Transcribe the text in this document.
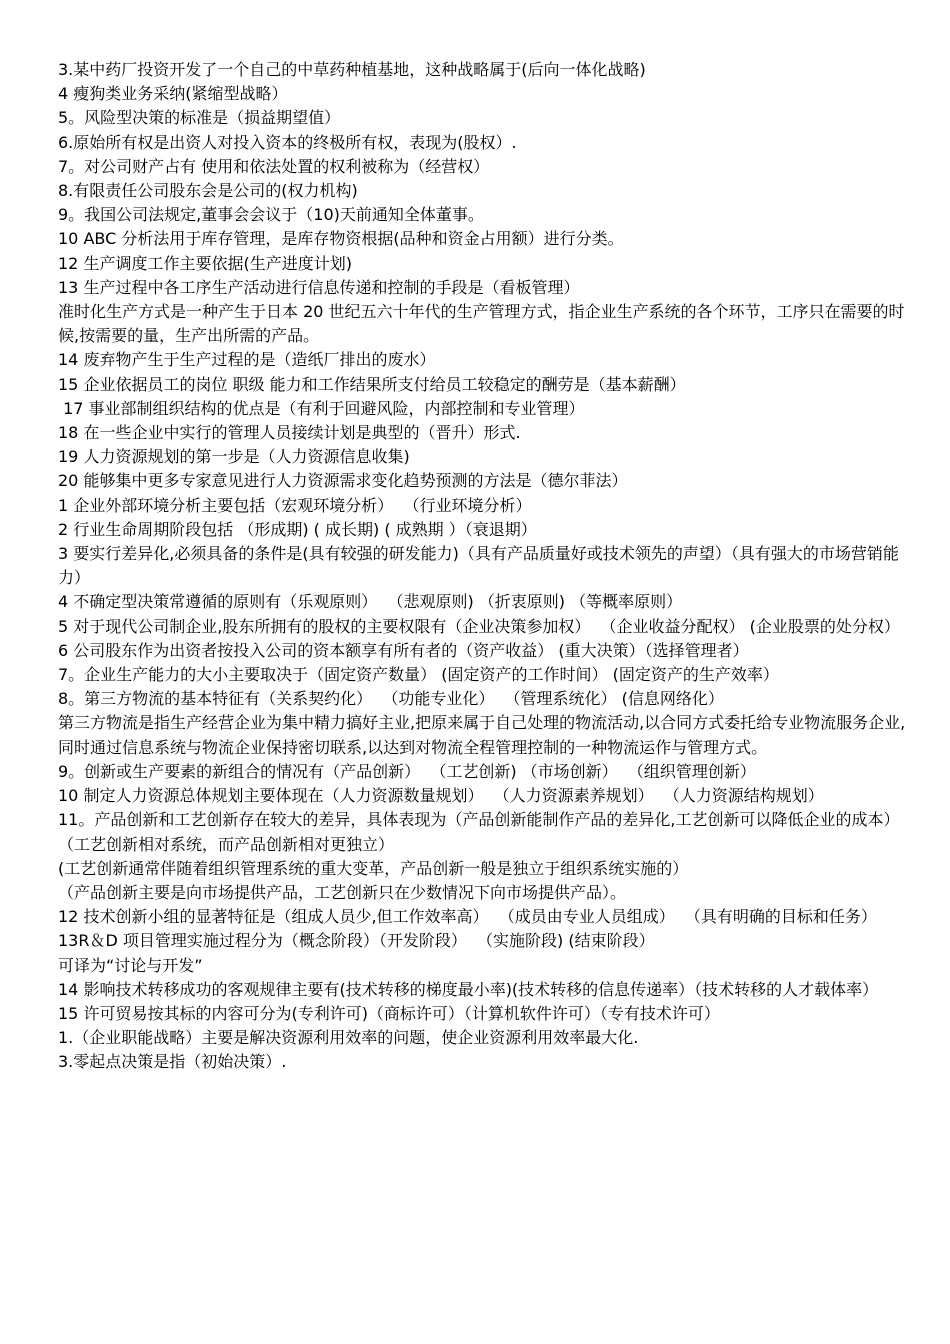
3.某中药厂投资开发了一个自己的中草药种植基地，这种战略属于(后向一体化战略)

4 瘦狗类业务采纳(紧缩型战略）

5。风险型决策的标准是（损益期望值）

6.原始所有权是出资人对投入资本的终极所有权，表现为(股权）.

7。对公司财产占有 使用和依法处置的权利被称为（经营权）

8.有限责任公司股东会是公司的(权力机构)

9。我国公司法规定,董事会会议于（10)天前通知全体董事。

10 ABC 分析法用于库存管理，是库存物资根据(品种和资金占用额）进行分类。

12 生产调度工作主要依据(生产进度计划)

13 生产过程中各工序生产活动进行信息传递和控制的手段是（看板管理）

准时化生产方式是一种产生于日本 20 世纪五六十年代的生产管理方式，指企业生产系统的各个环节，工序只在需要的时候,按需要的量，生产出所需的产品。

14 废弃物产生于生产过程的是（造纸厂排出的废水）

15 企业依据员工的岗位 职级 能力和工作结果所支付给员工较稳定的酬劳是（基本薪酬）

17 事业部制组织结构的优点是（有利于回避风险，内部控制和专业管理）

18 在一些企业中实行的管理人员接续计划是典型的（晋升）形式.

19 人力资源规划的第一步是（人力资源信息收集)

20 能够集中更多专家意见进行人力资源需求变化趋势预测的方法是（德尔菲法）

1 企业外部环境分析主要包括（宏观环境分析）  （行业环境分析）

2 行业生命周期阶段包括 （形成期) ( 成长期) ( 成熟期 ）（衰退期）

3 要实行差异化,必须具备的条件是(具有较强的研发能力)（具有产品质量好或技术领先的声望）（具有强大的市场营销能力）

4 不确定型决策常遵循的原则有（乐观原则）  （悲观原则) （折衷原则) （等概率原则）

5 对于现代公司制企业,股东所拥有的股权的主要权限有（企业决策参加权）  （企业收益分配权） (企业股票的处分权）

6 公司股东作为出资者按投入公司的资本额享有所有者的（资产收益） (重大决策）（选择管理者）

7。企业生产能力的大小主要取决于（固定资产数量） (固定资产的工作时间） (固定资产的生产效率）

8。第三方物流的基本特征有（关系契约化）  （功能专业化）  （管理系统化） (信息网络化）

第三方物流是指生产经营企业为集中精力搞好主业,把原来属于自己处理的物流活动,以合同方式委托给专业物流服务企业,同时通过信息系统与物流企业保持密切联系,以达到对物流全程管理控制的一种物流运作与管理方式。

9。创新或生产要素的新组合的情况有（产品创新）  （工艺创新) （市场创新）  （组织管理创新）

10 制定人力资源总体规划主要体现在（人力资源数量规划）  （人力资源素养规划）  （人力资源结构规划）

11。产品创新和工艺创新存在较大的差异，具体表现为（产品创新能制作产品的差异化,工艺创新可以降低企业的成本）

（工艺创新相对系统，而产品创新相对更独立）

(工艺创新通常伴随着组织管理系统的重大变革，产品创新一般是独立于组织系统实施的）

（产品创新主要是向市场提供产品，工艺创新只在少数情况下向市场提供产品）。

12 技术创新小组的显著特征是（组成人员少,但工作效率高）  （成员由专业人员组成）  （具有明确的目标和任务）

13R＆D 项目管理实施过程分为（概念阶段）（开发阶段）  （实施阶段) (结束阶段）

可译为“讨论与开发”

14 影响技术转移成功的客观规律主要有(技术转移的梯度最小率)(技术转移的信息传递率）（技术转移的人才载体率）

15 许可贸易按其标的内容可分为(专利许可)（商标许可）（计算机软件许可）（专有技术许可）

1.（企业职能战略）主要是解决资源利用效率的问题，使企业资源利用效率最大化.

3.零起点决策是指（初始决策）.
